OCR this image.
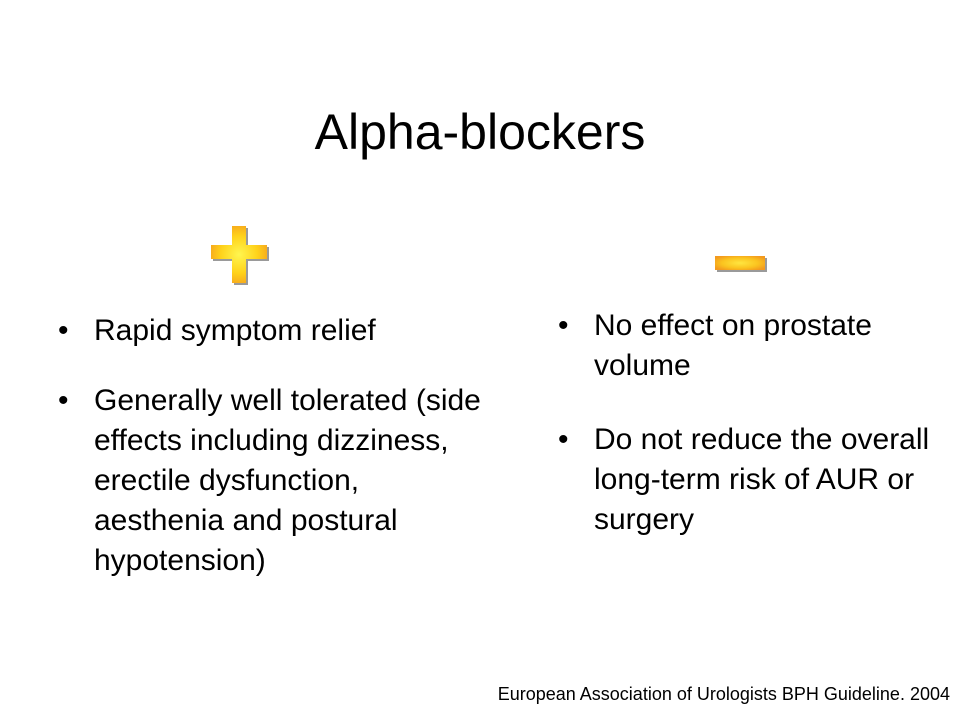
Alpha-blockers
• Rapid symptom relief
• Generally well tolerated (side effects including dizziness, erectile dysfunction, aesthenia and postural hypotension)
• No effect on prostate volume
• Do not reduce the overall long-term risk of AUR or surgery
European Association of Urologists BPH Guideline. 2004
